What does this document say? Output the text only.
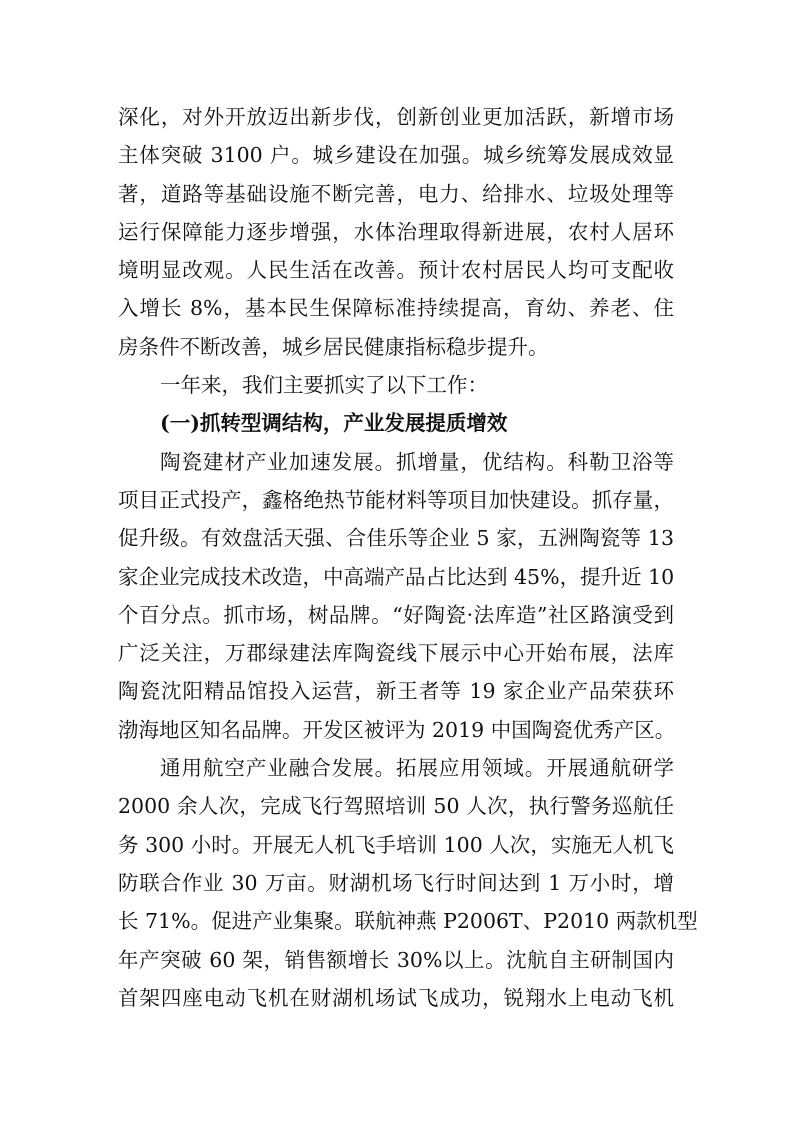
深化，对外开放迈出新步伐，创新创业更加活跃，新增市场
主体突破 3100 户。城乡建设在加强。城乡统筹发展成效显
著，道路等基础设施不断完善，电力、给排水、垃圾处理等
运行保障能力逐步增强，水体治理取得新进展，农村人居环
境明显改观。人民生活在改善。预计农村居民人均可支配收
入增长 8%，基本民生保障标准持续提高，育幼、养老、住
房条件不断改善，城乡居民健康指标稳步提升。
一年来，我们主要抓实了以下工作：
(一)抓转型调结构，产业发展提质增效
陶瓷建材产业加速发展。抓增量，优结构。科勒卫浴等
项目正式投产，鑫格绝热节能材料等项目加快建设。抓存量，
促升级。有效盘活天强、合佳乐等企业 5 家，五洲陶瓷等 13
家企业完成技术改造，中高端产品占比达到 45%，提升近 10
个百分点。抓市场，树品牌。“好陶瓷·法库造”社区路演受到
广泛关注，万郡绿建法库陶瓷线下展示中心开始布展，法库
陶瓷沈阳精品馆投入运营，新王者等 19 家企业产品荣获环
渤海地区知名品牌。开发区被评为 2019 中国陶瓷优秀产区。
通用航空产业融合发展。拓展应用领域。开展通航研学
2000 余人次，完成飞行驾照培训 50 人次，执行警务巡航任
务 300 小时。开展无人机飞手培训 100 人次，实施无人机飞
防联合作业 30 万亩。财湖机场飞行时间达到 1 万小时，增
长 71%。促进产业集聚。联航神燕 P2006T、P2010 两款机型
年产突破 60 架，销售额增长 30%以上。沈航自主研制国内
首架四座电动飞机在财湖机场试飞成功，锐翔水上电动飞机
